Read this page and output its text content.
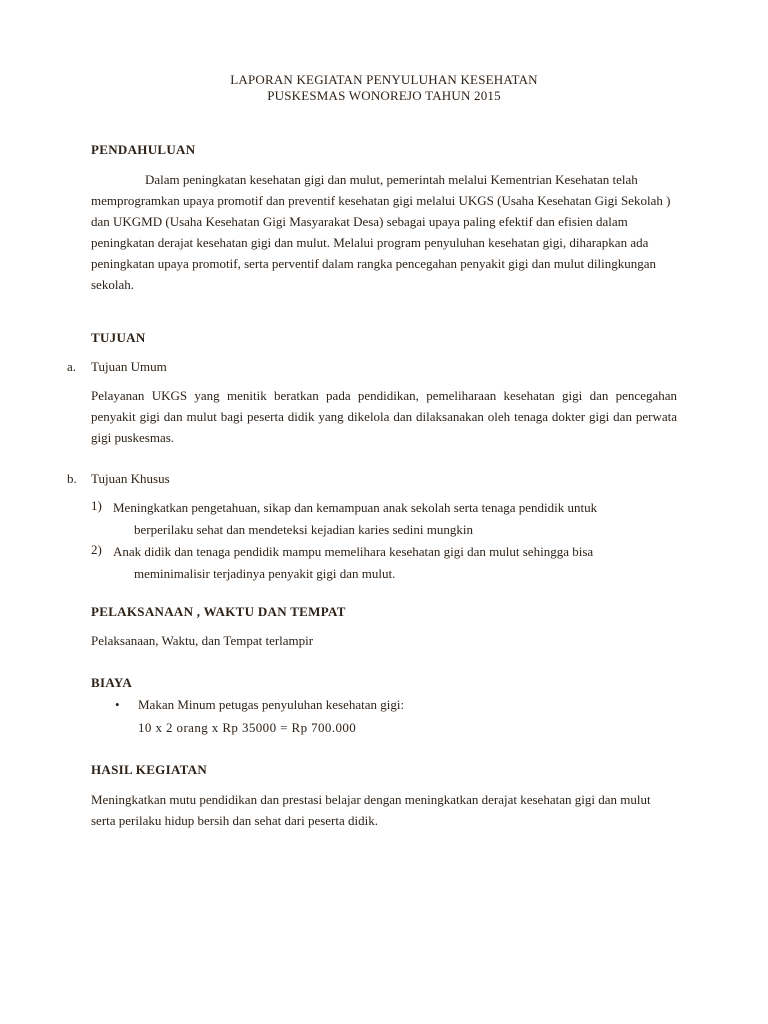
LAPORAN KEGIATAN PENYULUHAN KESEHATAN
PUSKESMAS WONOREJO TAHUN 2015
PENDAHULUAN
Dalam peningkatan kesehatan gigi dan mulut, pemerintah melalui Kementrian Kesehatan telah memprogramkan upaya promotif dan preventif kesehatan gigi melalui UKGS (Usaha Kesehatan Gigi Sekolah ) dan UKGMD (Usaha Kesehatan Gigi Masyarakat Desa) sebagai upaya paling efektif dan efisien dalam peningkatan derajat kesehatan gigi dan mulut. Melalui program penyuluhan kesehatan gigi, diharapkan ada peningkatan upaya promotif, serta perventif dalam rangka pencegahan penyakit gigi dan mulut dilingkungan sekolah.
TUJUAN
a. Tujuan Umum
Pelayanan UKGS yang menitik beratkan pada pendidikan, pemeliharaan kesehatan gigi dan pencegahan penyakit gigi dan mulut bagi peserta didik yang dikelola dan dilaksanakan oleh tenaga dokter gigi dan perwata gigi puskesmas.
b. Tujuan Khusus
1) Meningkatkan pengetahuan, sikap dan kemampuan anak sekolah serta tenaga pendidik untuk
berperilaku sehat dan mendeteksi kejadian karies sedini mungkin
2) Anak didik dan tenaga pendidik mampu memelihara kesehatan gigi dan mulut sehingga bisa
meminimalisir terjadinya penyakit gigi dan mulut.
PELAKSANAAN , WAKTU DAN TEMPAT
Pelaksanaan, Waktu, dan Tempat terlampir
BIAYA
• Makan Minum petugas penyuluhan kesehatan gigi:
10 x 2 orang x Rp 35000 = Rp 700.000
HASIL KEGIATAN
Meningkatkan mutu pendidikan dan prestasi belajar dengan meningkatkan derajat kesehatan gigi dan mulut serta perilaku hidup bersih dan sehat dari peserta didik.
